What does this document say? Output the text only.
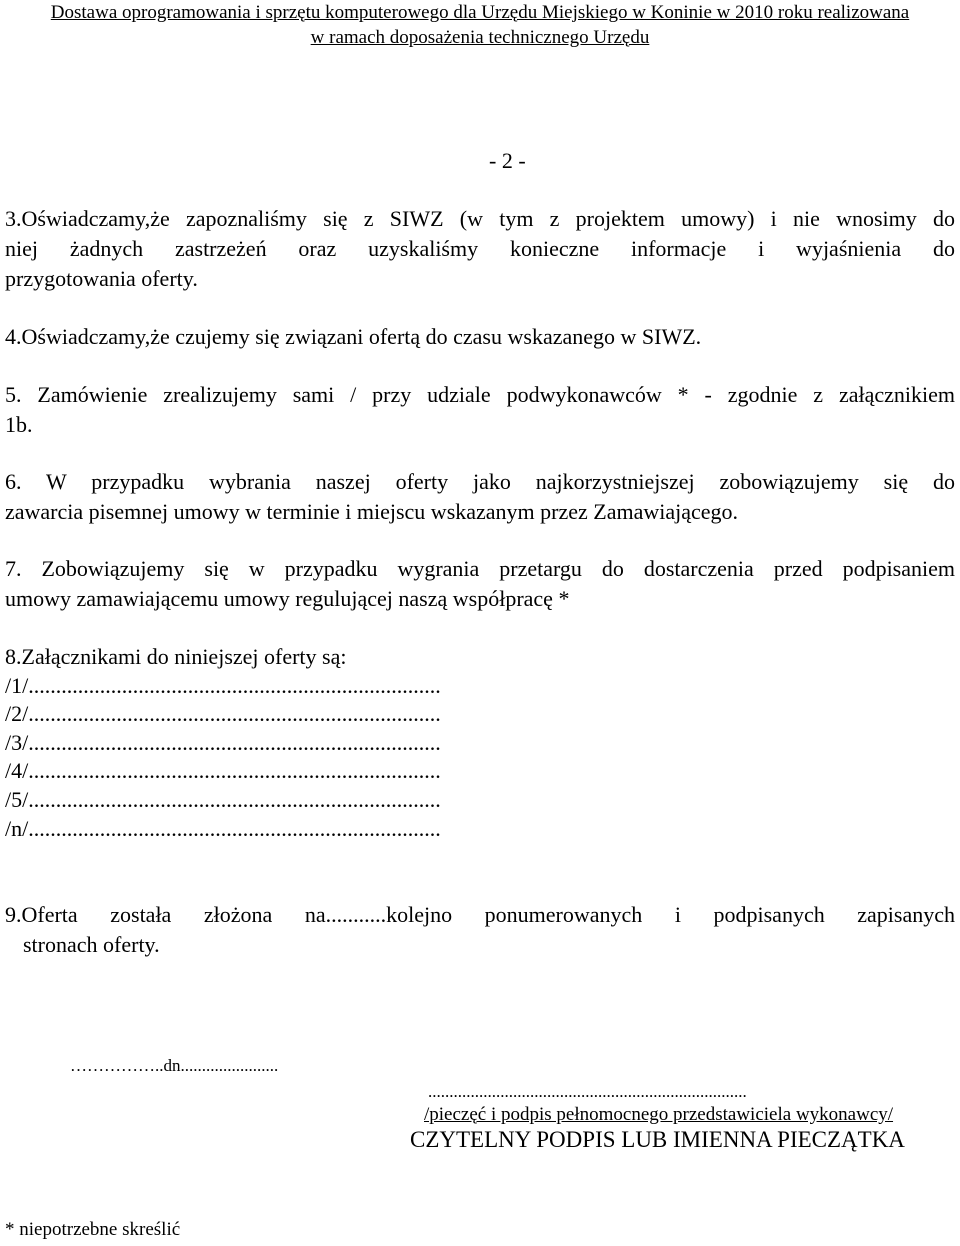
Dostawa oprogramowania i sprzętu komputerowego dla Urzędu Miejskiego w Koninie w 2010 roku realizowana
w ramach doposażenia technicznego Urzędu
- 2 -
3.Oświadczamy,że zapoznaliśmy się z SIWZ (w tym z projektem umowy) i nie wnosimy do
niej żadnych zastrzeżeń oraz uzyskaliśmy konieczne informacje i wyjaśnienia do
przygotowania oferty.
4.Oświadczamy,że czujemy się związani ofertą do czasu wskazanego w SIWZ.
5. Zamówienie zrealizujemy sami / przy udziale podwykonawców * - zgodnie z załącznikiem
1b.
6. W przypadku wybrania naszej oferty jako najkorzystniejszej zobowiązujemy się do
zawarcia pisemnej umowy w terminie i miejscu wskazanym przez Zamawiającego.
7. Zobowiązujemy się w przypadku wygrania przetargu do dostarczenia przed podpisaniem
umowy zamawiającemu umowy regulującej naszą współpracę *
8.Załącznikami do niniejszej oferty są:
/1/...........................................................................
/2/...........................................................................
/3/...........................................................................
/4/...........................................................................
/5/...........................................................................
/n/...........................................................................
9.Oferta została złożona na...........kolejno ponumerowanych i podpisanych zapisanych
stronach oferty.
……………..dn.......................
...........................................................................
/pieczęć i podpis pełnomocnego przedstawiciela wykonawcy/
CZYTELNY PODPIS LUB IMIENNA PIECZĄTKA
* niepotrzebne skreślić
